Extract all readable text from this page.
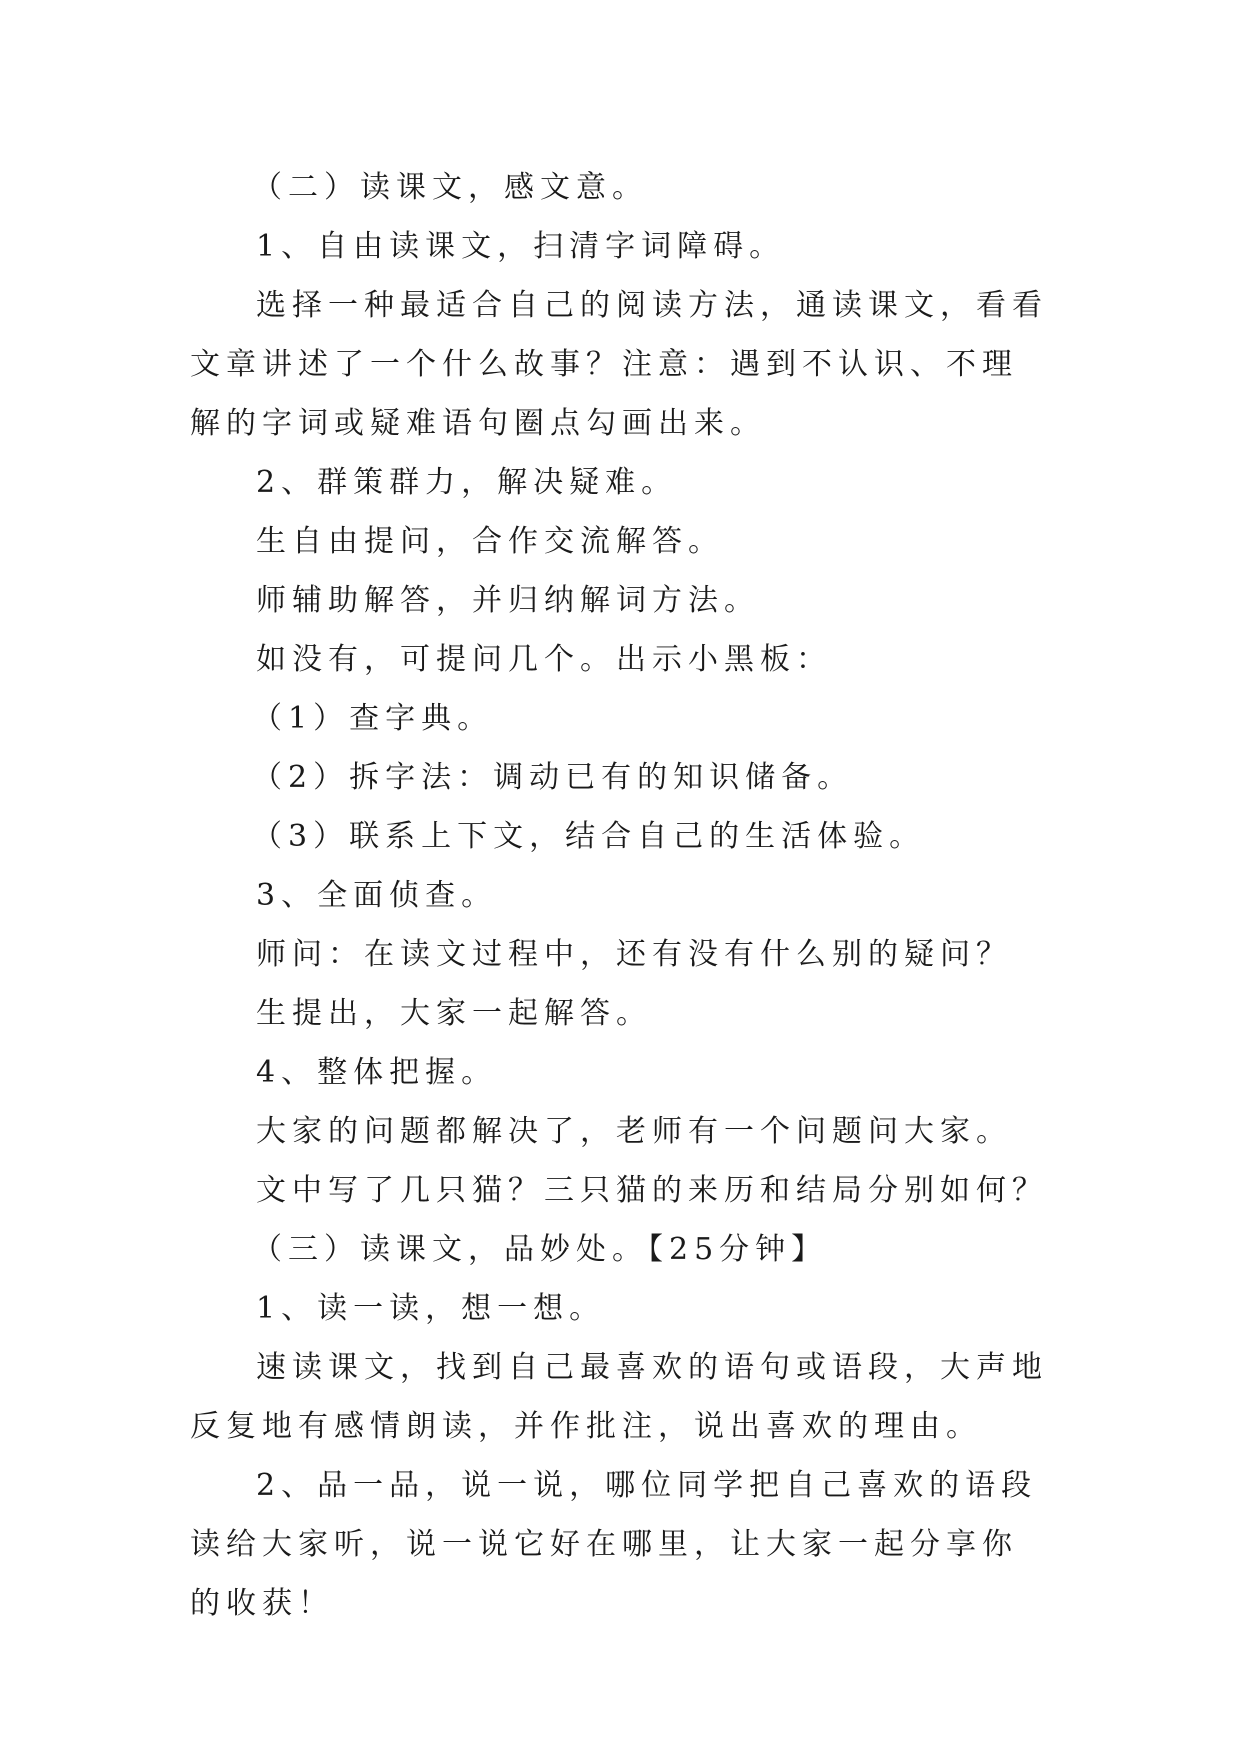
（二）读课文，感文意。

1、自由读课文，扫清字词障碍。

选择一种最适合自己的阅读方法，通读课文，看看文章讲述了一个什么故事？注意：遇到不认识、不理解的字词或疑难语句圈点勾画出来。

2、群策群力，解决疑难。

生自由提问，合作交流解答。

师辅助解答，并归纳解词方法。

如没有，可提问几个。出示小黑板：

（1）查字典。

（2）拆字法：调动已有的知识储备。

（3）联系上下文，结合自己的生活体验。

3、全面侦查。

师问：在读文过程中，还有没有什么别的疑问？

生提出，大家一起解答。

4、整体把握。

大家的问题都解决了，老师有一个问题问大家。

文中写了几只猫？三只猫的来历和结局分别如何？

（三）读课文，品妙处。【25分钟】

1、读一读，想一想。

速读课文，找到自己最喜欢的语句或语段，大声地反复地有感情朗读，并作批注，说出喜欢的理由。

2、品一品，说一说，哪位同学把自己喜欢的语段读给大家听，说一说它好在哪里，让大家一起分享你的收获！
